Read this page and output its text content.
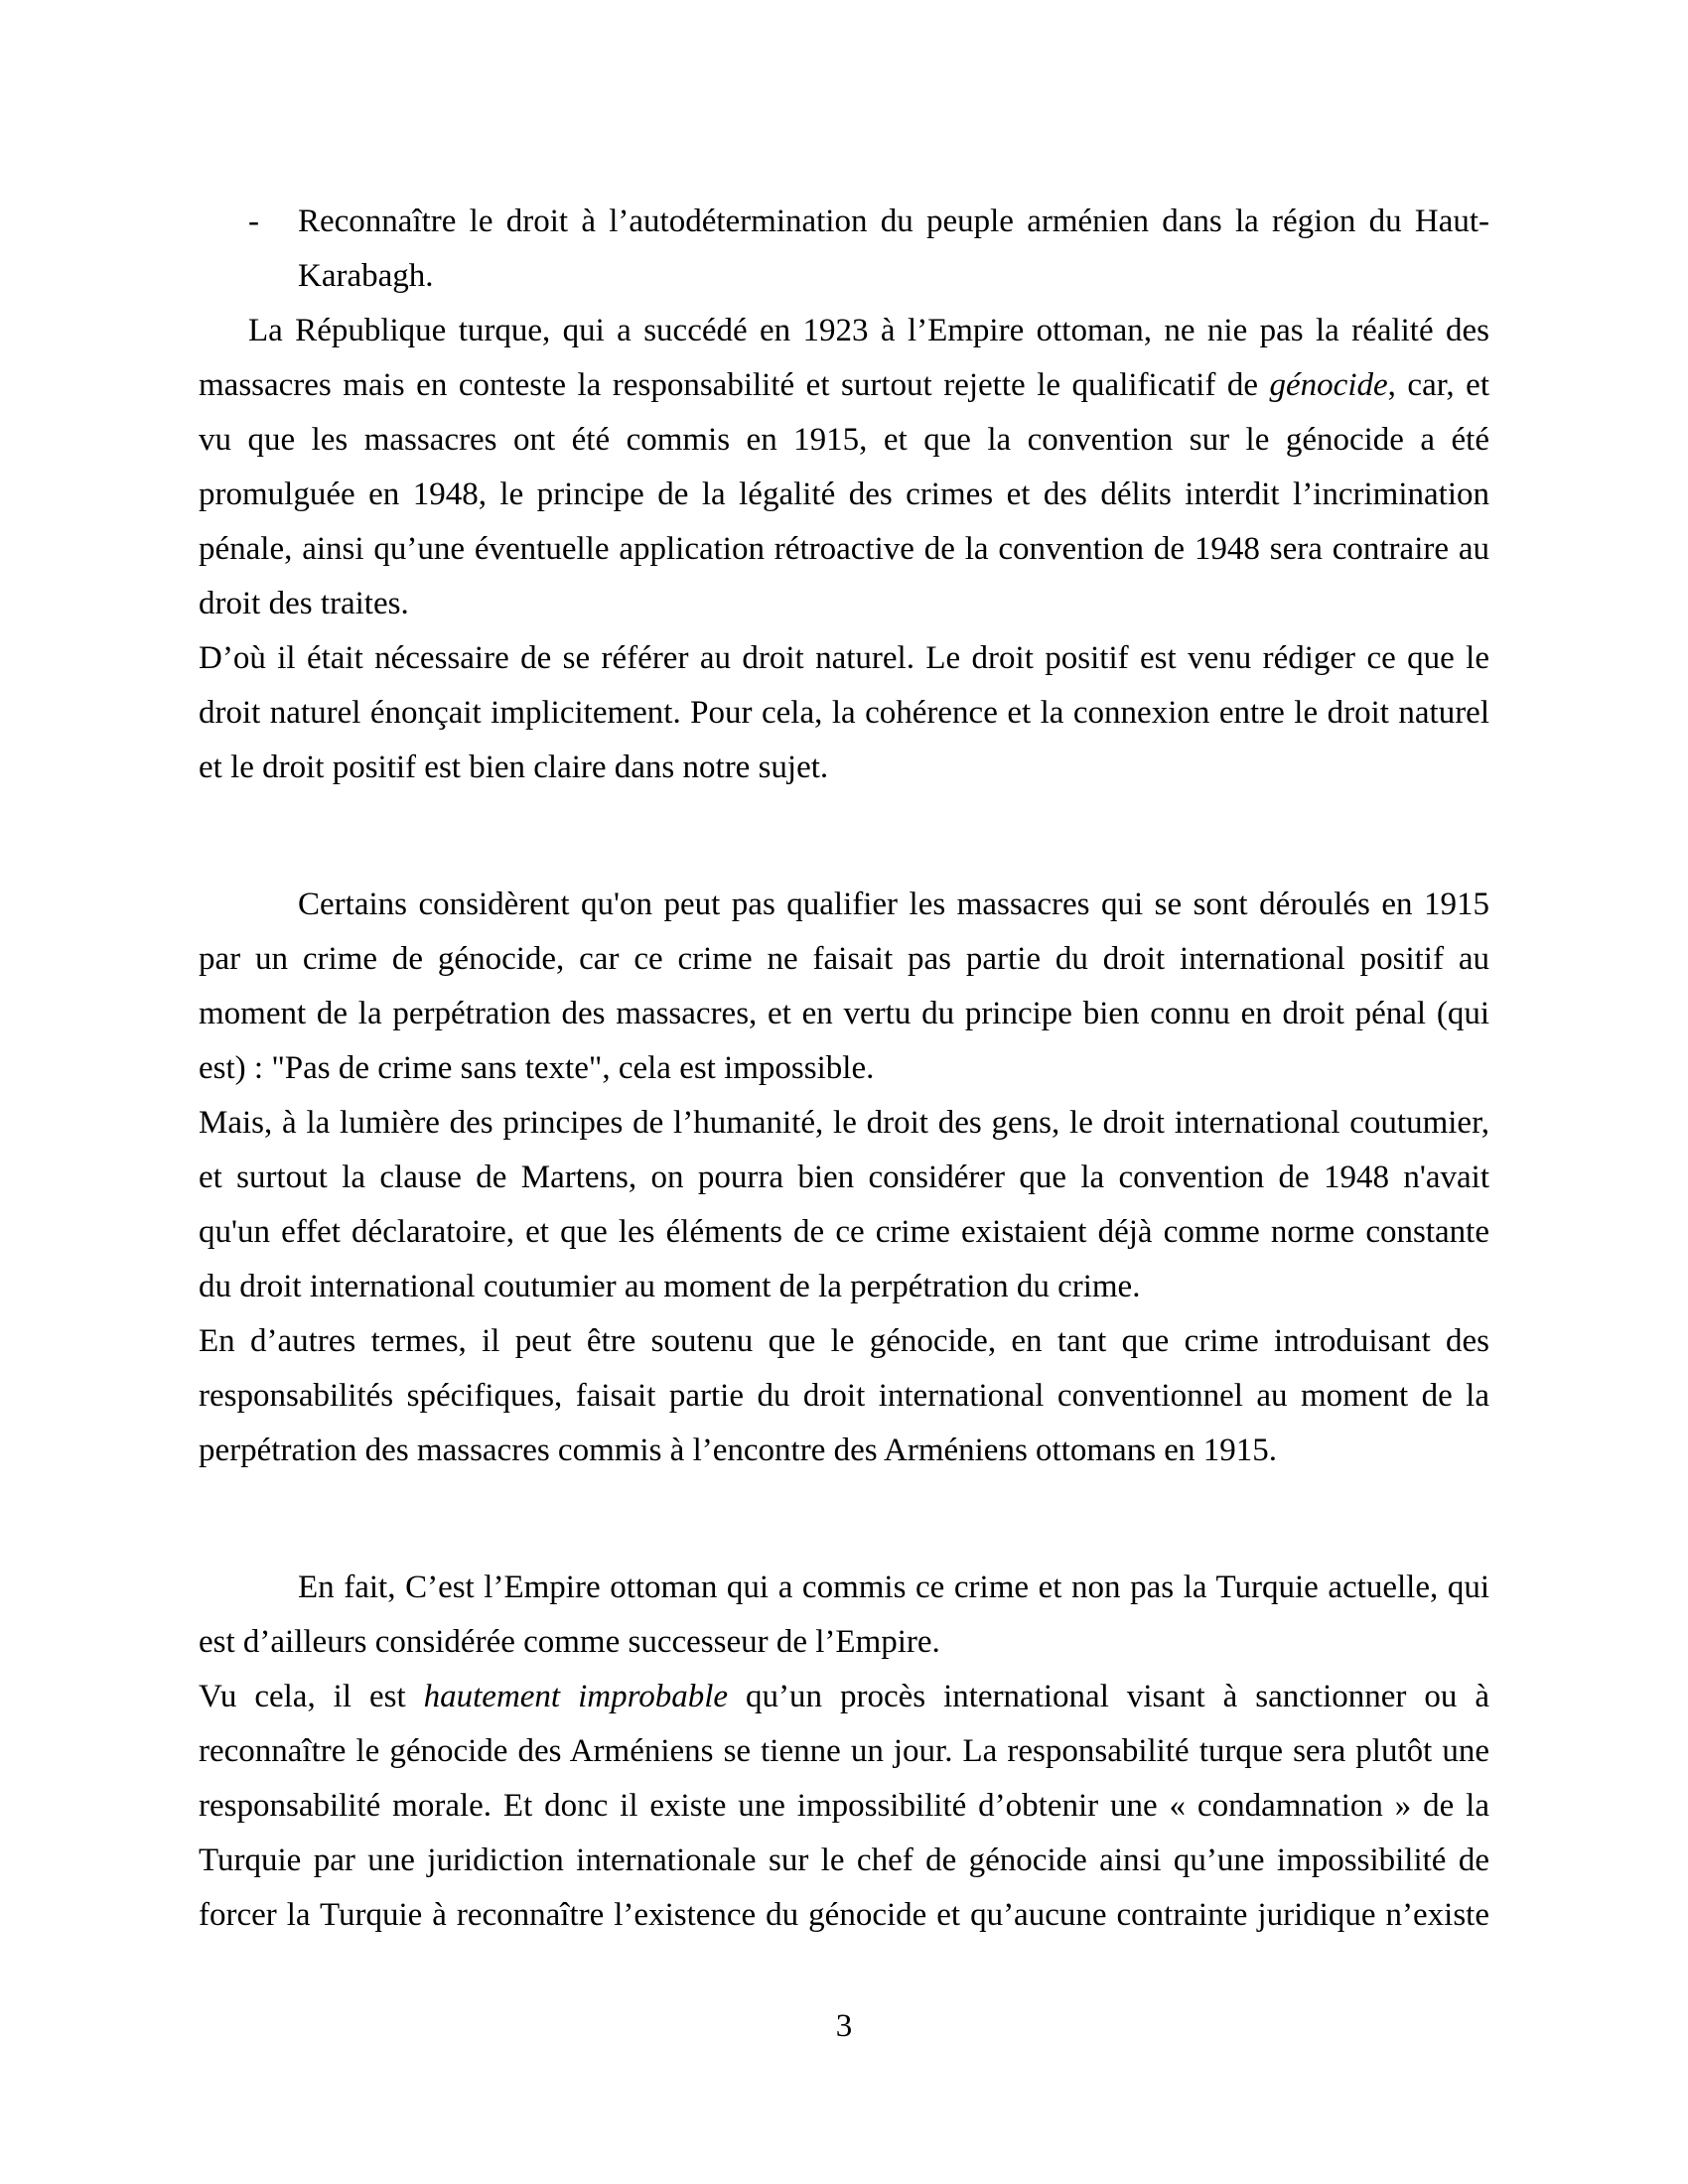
- Reconnaître le droit à l’autodétermination du peuple arménien dans la région du Haut-
Karabagh.
La République turque, qui a succédé en 1923 à l’Empire ottoman, ne nie pas la réalité des
massacres mais en conteste la responsabilité et surtout rejette le qualificatif de génocide, car, et
vu que les massacres ont été commis en 1915, et que la convention sur le génocide a été
promulguée en 1948, le principe de la légalité des crimes et des délits interdit l’incrimination
pénale, ainsi qu’une éventuelle application rétroactive de la convention de 1948 sera contraire au
droit des traites.
D’où il était nécessaire de se référer au droit naturel. Le droit positif est venu rédiger ce que le
droit naturel énonçait implicitement. Pour cela, la cohérence et la connexion entre le droit naturel
et le droit positif est bien claire dans notre sujet.
Certains considèrent qu'on peut pas qualifier les massacres qui se sont déroulés en 1915
par un crime de génocide, car ce crime ne faisait pas partie du droit international positif au
moment de la perpétration des massacres, et en vertu du principe bien connu en droit pénal (qui
est) : "Pas de crime sans texte", cela est impossible.
Mais, à la lumière des principes de l’humanité, le droit des gens, le droit international coutumier,
et surtout la clause de Martens, on pourra bien considérer que la convention de 1948 n'avait
qu'un effet déclaratoire, et que les éléments de ce crime existaient déjà comme norme constante
du droit international coutumier au moment de la perpétration du crime.
En d’autres termes, il peut être soutenu que le génocide, en tant que crime introduisant des
responsabilités spécifiques, faisait partie du droit international conventionnel au moment de la
perpétration des massacres commis à l’encontre des Arméniens ottomans en 1915.
En fait, C’est l’Empire ottoman qui a commis ce crime et non pas la Turquie actuelle, qui
est d’ailleurs considérée comme successeur de l’Empire.
Vu cela, il est hautement improbable qu’un procès international visant à sanctionner ou à
reconnaître le génocide des Arméniens se tienne un jour. La responsabilité turque sera plutôt une
responsabilité morale. Et donc il existe une impossibilité d’obtenir une « condamnation » de la
Turquie par une juridiction internationale sur le chef de génocide ainsi qu’une impossibilité de
forcer la Turquie à reconnaître l’existence du génocide et qu’aucune contrainte juridique n’existe
3
